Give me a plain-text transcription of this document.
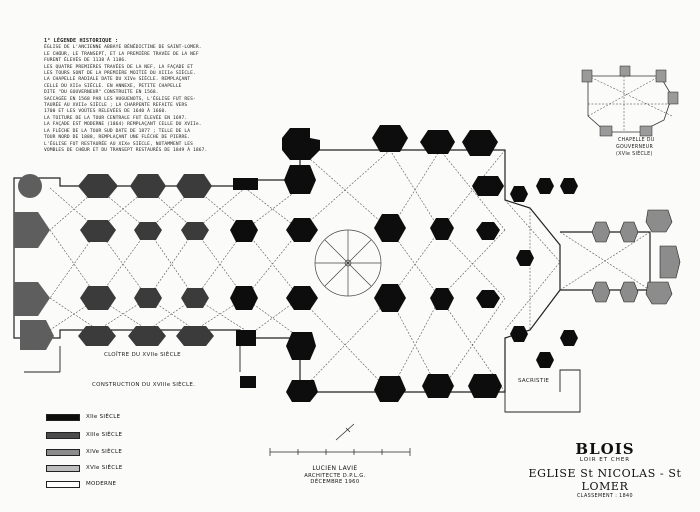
1° LÉGENDE HISTORIQUE :

ÉGLISE DE L'ANCIENNE ABBAYE BÉNÉDICTINE DE SAINT-LOMER.

LE CHŒUR, LE TRANSEPT, ET LA PREMIÈRE TRAVÉE DE LA NEF

FURENT ÉLEVÉS DE 1138 À 1186.

LES QUATRE PREMIÈRES TRAVÉES DE LA NEF, LA FAÇADE ET

LES TOURS SONT DE LA PREMIÈRE MOITIÉ DU XIIIe SIÈCLE.

LA CHAPELLE RADIALE DATE DU XIVe SIÈCLE. REMPLAÇANT

CELLE DU XIIe SIÈCLE. EN ANNEXE, PETITE CHAPELLE

DITE "DU GOUVERNEUR" CONSTRUITE EN 1568.

SACCAGÉE EN 1568 PAR LES HUGUENOTS, L'ÉGLISE FUT RES-

TAURÉE AU XVIIe SIÈCLE ; LA CHARPENTE REFAITE VERS

1700 ET LES VOÛTES RELEVÉES DE 1640 À 1660.

LA TOITURE DE LA TOUR CENTRALE FUT ÉLEVÉE EN 1697.

LA FAÇADE EST MODERNE (1864) REMPLAÇANT CELLE DU XVIIe.

LA FLÈCHE DE LA TOUR SUD DATE DE 1877 ; TELLE DE LA

TOUR NORD DE 1888, REMPLAÇANT UNE FLÈCHE DE PIERRE.

L'ÉGLISE FUT RESTAURÉE AU XIXe SIÈCLE, NOTAMMENT LES

VOMBLES DE CHŒUR ET DU TRANSEPT RESTAURÉS DE 1849 À 1867.

CLOÎTRE DU XVIIe SIÈCLE
CONSTRUCTION DU XVIIIe SIÈCLE.
SACRISTIE
CHAPELLE DU
GOUVERNEUR
(XVIe SIÈCLE)
XIIe SIÈCLE
XIIIe SIÈCLE
XIVe SIÈCLE
XVIe SIÈCLE
MODERNE
LUCIEN LAVIE
ARCHITECTE D.P.L.G.
DÉCEMBRE 1960
BLOIS
LOIR ET CHER
EGLISE St NICOLAS - St LOMER
CLASSEMENT : 1840
